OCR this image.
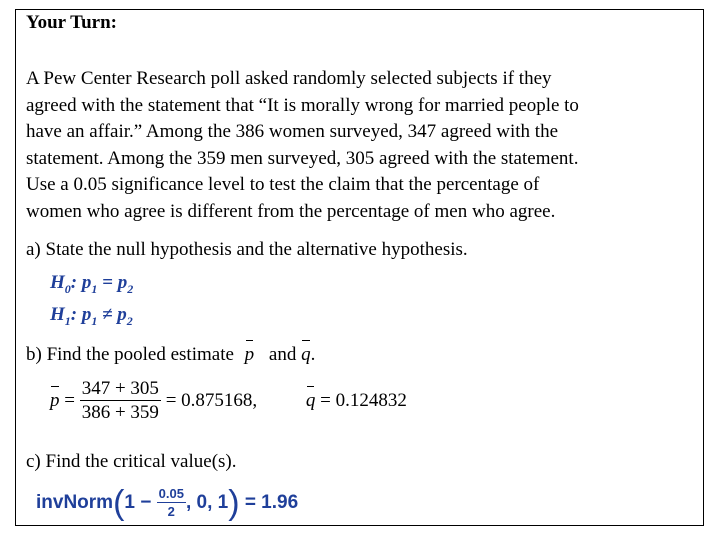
Your Turn:
A Pew Center Research poll asked randomly selected subjects if they
agreed with the statement that “It is morally wrong for married people to
have an affair.” Among the 386 women surveyed, 347 agreed with the
statement. Among the 359 men surveyed, 305 agreed with the statement.
Use a 0.05 significance level to test the claim that the percentage of
women who agree is different from the percentage of men who agree.
a) State the null hypothesis and the alternative hypothesis.
$H_0$: $p_1 = p_2$
$H_1$: $p_1 \ne p_2$
b) Find the pooled estimate p and q.
$p = \frac{347 + 305}{386 + 359} = 0.875168$,	q = 0.124832
c) Find the critical value(s).
invNorm(1 − $\frac{0.05}{2}$ , 0, 1) = 1.96
